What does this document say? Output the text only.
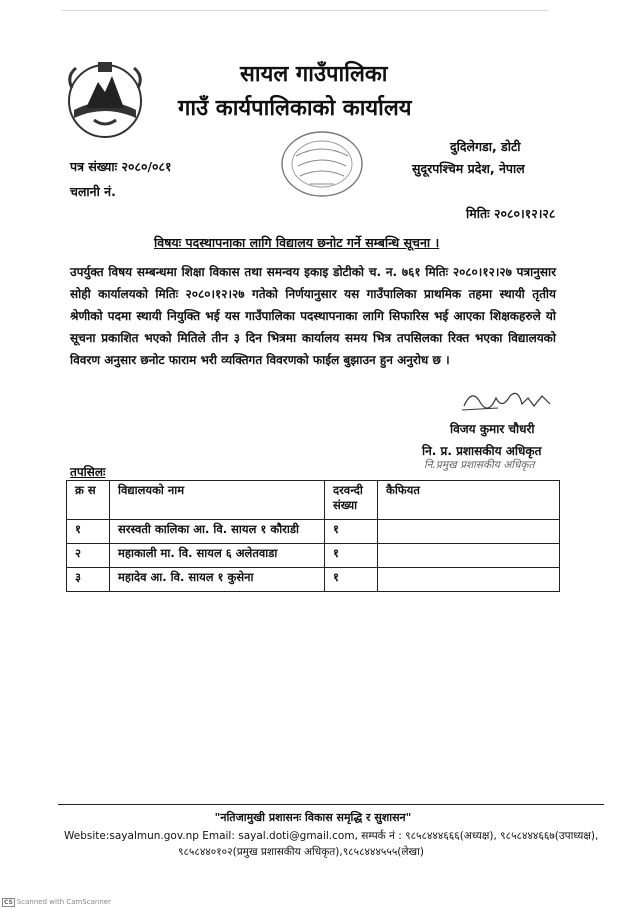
सायल गाउँपालिका
गाउँ कार्यपालिकाको कार्यालय
दुदिलेगडा, डोटी
सुदूरपश्चिम प्रदेश, नेपाल
पत्र संख्याः २०८०/०८१
चलानी नं.
मितिः २०८०।१२।२८
विषयः पदस्थापनाका लागि विद्यालय छनोट गर्ने सम्बन्धि सूचना ।

उपर्युक्त विषय सम्बन्धमा शिक्षा विकास तथा समन्वय इकाइ डोटीको च. न. ७६१ मितिः २०८०।१२।२७ पत्रानुसार सोही कार्यालयको मितिः २०८०।१२।२७ गतेको निर्णयानुसार यस गाउँपालिका प्राथमिक तहमा स्थायी तृतीय श्रेणीको पदमा स्थायी नियुक्ति भई यस गाउँपालिका पदस्थापनाका लागि सिफारिस भई आएका शिक्षकहरुले यो सूचना प्रकाशित भएको मितिले तीन ३ दिन भित्रमा कार्यालय समय भित्र तपसिलका रिक्त भएका विद्यालयको विवरण अनुसार छनोट फाराम भरी व्यक्तिगत विवरणको फाईल बुझाउन हुन अनुरोध छ ।

विजय कुमार चौधरी
नि. प्र. प्रशासकीय अधिकृत
नि.प्रमुख प्रशासकीय अधिकृत
तपसिलः
क्र स	विद्यालयको नाम	दरवन्दी संख्या	कैफियत
१	सरस्वती कालिका आ. वि. सायल १ कौराडी	१	
२	महाकाली मा. वि. सायल ६ अलेतवाडा	१	
३	महादेव आ. वि. सायल १ कुसेना	१	
"नतिजामुखी प्रशासनः विकास समृद्धि र सुशासन"
Website:sayalmun.gov.np Email: sayal.doti@gmail.com, सम्पर्क नं : ९८५८४४४६६६(अध्यक्ष), ९८५८४४४६६७(उपाध्यक्ष),
९८५८४४०१०२(प्रमुख प्रशासकीय अधिकृत),९८५८४४४५५५(लेखा)
CS Scanned with CamScanner
